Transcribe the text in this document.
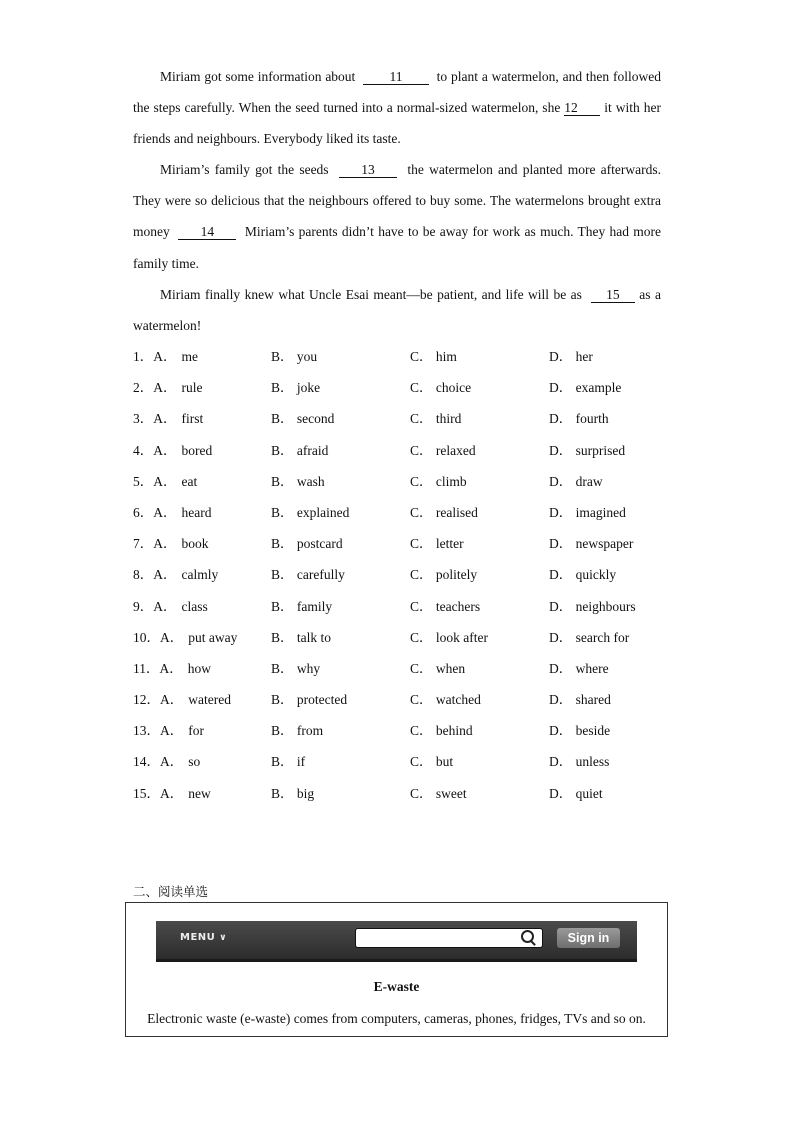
Miriam got some information about	11	to plant a watermelon, and then followed the steps carefully. When the seed turned into a normal-sized watermelon, she 12 it with her friends and neighbours. Everybody liked its taste.
Miriam’s family got the seeds 13 the watermelon and planted more afterwards. They were so delicious that the neighbours offered to buy some. The watermelons brought extra money 14 Miriam’s parents didn’t have to be away for work as much. They had more family time.
Miriam finally knew what Uncle Esai meant—be patient, and life will be as 15 as a watermelon!
1．A． me	B． you	C． him	D． her
2．A． rule	B． joke	C． choice	D． example
3．A． first	B． second	C． third	D． fourth
4．A． bored	B． afraid	C． relaxed	D． surprised
5．A． eat	B． wash	C． climb	D． draw
6．A． heard	B． explained	C． realised	D． imagined
7．A． book	B． postcard	C． letter	D． newspaper
8．A． calmly	B． carefully	C． politely	D． quickly
9．A． class	B． family	C． teachers	D． neighbours
10．A． put away B． talk to	C． look after	D． search for
11．A． how	B． why	C． when	D． where
12．A． watered	B． protected	C． watched	D． shared
13．A． for	B． from	C． behind	D． beside
14．A． so	B． if	C． but	D． unless
15．A． new	B． big	C． sweet	D． quiet
二、阅读单选
MENU ∨	Sign in
E-waste
Electronic waste (e-waste) comes from computers, cameras, phones, fridges, TVs and so on.
